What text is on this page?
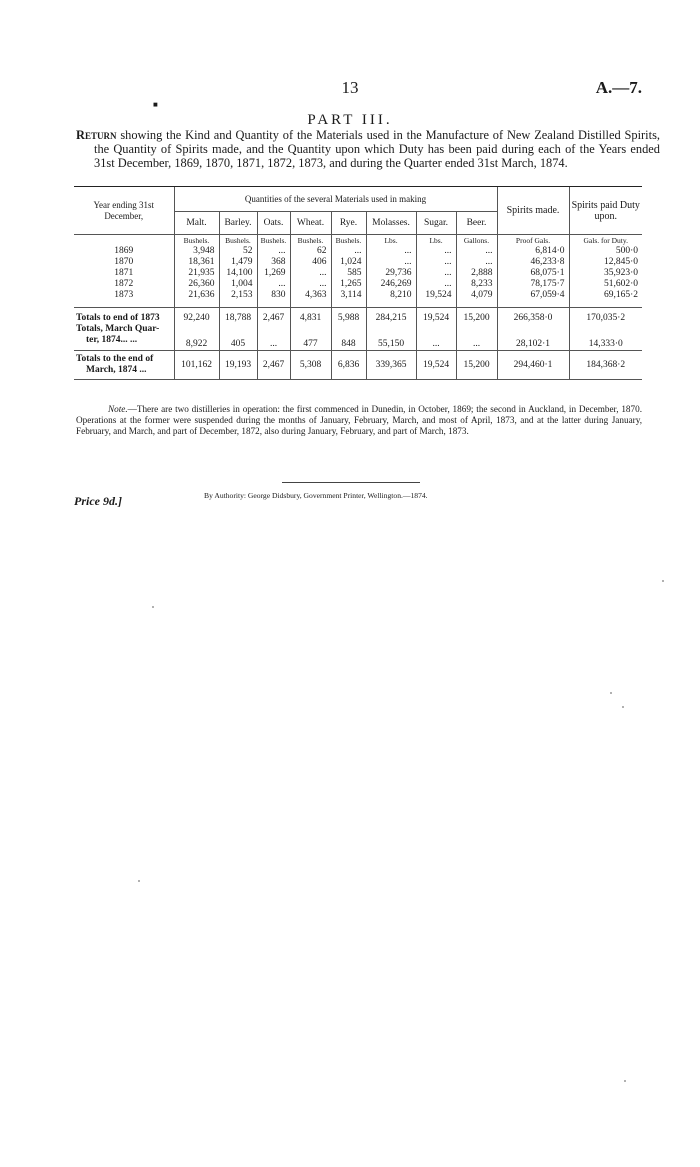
13	A.—7.
■
PART III.
Return showing the Kind and Quantity of the Materials used in the Manufacture of New Zealand Distilled Spirits, the Quantity of Spirits made, and the Quantity upon which Duty has been paid during each of the Years ended 31st December, 1869, 1870, 1871, 1872, 1873, and during the Quarter ended 31st March, 1874.
Year ending 31st December,	Quantities of the several Materials used in making								Spirits made.	Spirits paid Duty upon.
	Malt.	Barley.	Oats.	Wheat.	Rye.	Molasses.	Sugar.	Beer.		
	Bushels.	Bushels.	Bushels.	Bushels.	Bushels.	Lbs.	Lbs.	Gallons.	Proof Gals.	Gals. for Duty.
1869	3,948	52	...	62	...	...	...	...	6,814·0	500·0
1870	18,361	1,479	368	406	1,024	...	...	...	46,233·8	12,845·0
1871	21,935	14,100	1,269	...	585	29,736	...	2,888	68,075·1	35,923·0
1872	26,360	1,004	...	...	1,265	246,269	...	8,233	78,175·7	51,602·0
1873	21,636	2,153	830	4,363	3,114	8,210	19,524	4,079	67,059·4	69,165·2
Totals to end of 1873	92,240	18,788	2,467	4,831	5,988	284,215	19,524	15,200	266,358·0	170,035·2

Totals, March Quar-
ter, 1874... ...	8,922	405	...	477	848	55,150	...	...	28,102·1	14,333·0

Totals to the end of
March, 1874 ...	101,162	19,193	2,467	5,308	6,836	339,365	19,524	15,200	294,460·1	184,368·2
Note.—There are two distilleries in operation: the first commenced in Dunedin, in October, 1869; the second in Auckland, in December, 1870. Operations at the former were suspended during the months of January, February, March, and most of April, 1873, and at the latter during January, February, and March, and part of December, 1872, also during January, February, and part of March, 1873.
By Authority: George Didsbury, Government Printer, Wellington.—1874.
Price 9d.]
